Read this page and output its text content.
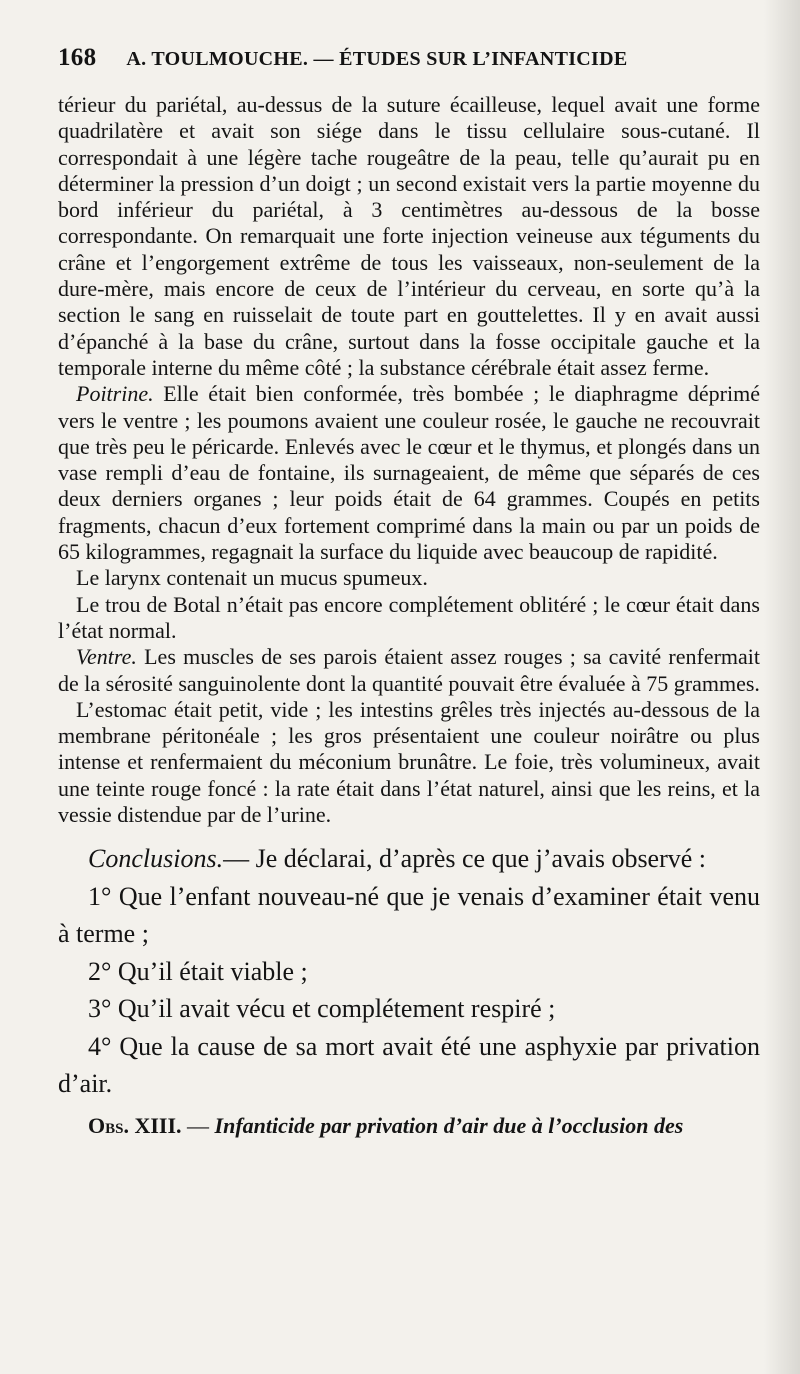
168 A. TOULMOUCHE. — ÉTUDES SUR L’INFANTICIDE

térieur du pariétal, au-dessus de la suture écailleuse, lequel avait une forme quadrilatère et avait son siége dans le tissu cellulaire sous-cutané. Il correspondait à une légère tache rougeâtre de la peau, telle qu’aurait pu en déterminer la pression d’un doigt ; un second existait vers la partie moyenne du bord inférieur du pariétal, à 3 centimètres au-dessous de la bosse correspondante. On remarquait une forte injection veineuse aux téguments du crâne et l’engorgement extrême de tous les vaisseaux, non-seulement de la dure-mère, mais encore de ceux de l’intérieur du cerveau, en sorte qu’à la section le sang en ruisselait de toute part en gouttelettes. Il y en avait aussi d’épanché à la base du crâne, surtout dans la fosse occipitale gauche et la temporale interne du même côté ; la substance cérébrale était assez ferme.

Poitrine. Elle était bien conformée, très bombée ; le diaphragme déprimé vers le ventre ; les poumons avaient une couleur rosée, le gauche ne recouvrait que très peu le péricarde. Enlevés avec le cœur et le thymus, et plongés dans un vase rempli d’eau de fontaine, ils surnageaient, de même que séparés de ces deux derniers organes ; leur poids était de 64 grammes. Coupés en petits fragments, chacun d’eux fortement comprimé dans la main ou par un poids de 65 kilogrammes, regagnait la surface du liquide avec beaucoup de rapidité.

Le larynx contenait un mucus spumeux.

Le trou de Botal n’était pas encore complétement oblitéré ; le cœur était dans l’état normal.

Ventre. Les muscles de ses parois étaient assez rouges ; sa cavité renfermait de la sérosité sanguinolente dont la quantité pouvait être évaluée à 75 grammes.

L’estomac était petit, vide ; les intestins grêles très injectés au-dessous de la membrane péritonéale ; les gros présentaient une couleur noirâtre ou plus intense et renfermaient du méconium brunâtre. Le foie, très volumineux, avait une teinte rouge foncé : la rate était dans l’état naturel, ainsi que les reins, et la vessie distendue par de l’urine.

Conclusions.— Je déclarai, d’après ce que j’avais observé :

1° Que l’enfant nouveau-né que je venais d’examiner était venu à terme ;

2° Qu’il était viable ;

3° Qu’il avait vécu et complétement respiré ;

4° Que la cause de sa mort avait été une asphyxie par privation d’air.

Obs. XIII. — Infanticide par privation d’air due à l’occlusion des
